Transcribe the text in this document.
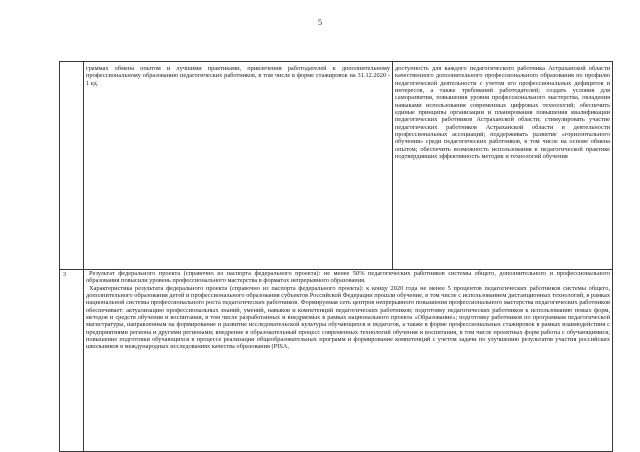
5

	граммах обмена опытом и лучшими практиками, привлечения работодателей к дополнительному профессиональному образованию педагогических работников, в том числе в форме стажировок на 31.12.2020 - 1 ед.	доступность для каждого педагогического работника Астраханской области качественного дополнительного профессионального образования по профилю педагогической деятельности с учетом его профессиональных дефицитов и интересов, а также требований работодателей; создать условия для саморазвития, повышения уровня профессионального мастерства, овладения навыками использования современных цифровых технологий; обеспечить единые принципы организации и планирования повышения квалификации педагогических работников Астраханской области; стимулировать участие педагогических работников Астраханской области в деятельности профессиональных ассоциаций; поддерживать развитие «горизонтального обучения» среди педагогических работников, в том числе на основе обмена опытом; обеспечить возможность использования в педагогической практике подтвердивших эффективность методик и технологий обучения

3	Результат федерального проекта (справочно из паспорта федерального проекта): не менее 50% педагогических работников системы общего, дополнительного и профессионального образования повысили уровень профессионального мастерства в форматах непрерывного образования.

Характеристика результата федерального проекта (справочно из паспорта федерального проекта): к концу 2020 года не менее 5 процентов педагогических работников системы общего, дополнительного образования детей и профессионального образования субъектов Российской Федерации прошли обучение, в том числе с использованием дистанционных технологий, в рамках национальной системы профессионального роста педагогических работников. Формируемая сеть центров непрерывного повышения профессионального мастерства педагогических работников обеспечивает: актуализацию профессиональных знаний, умений, навыков и компетенций педагогических работников; подготовку педагогических работников к использованию новых форм, методов и средств обучения и воспитания, в том числе разработанных и внедряемых в рамках национального проекта «Образование»; подготовку работников по программам педагогической магистратуры, направленным на формирование и развитие исследовательской культуры обучающихся и педагогов, а также в форме профессиональных стажировок в рамках взаимодействия с предприятиями региона и другими регионами; внедрение в образовательный процесс современных технологий обучения и воспитания, в том числе проектных форм работы с обучающимися; повышение подготовки обучающихся в процессе реализации общеобразовательных программ и формирование компетенций с учетом задачи по улучшению результатов участия российских школьников в международных исследованиях качества образования (PISA,	
